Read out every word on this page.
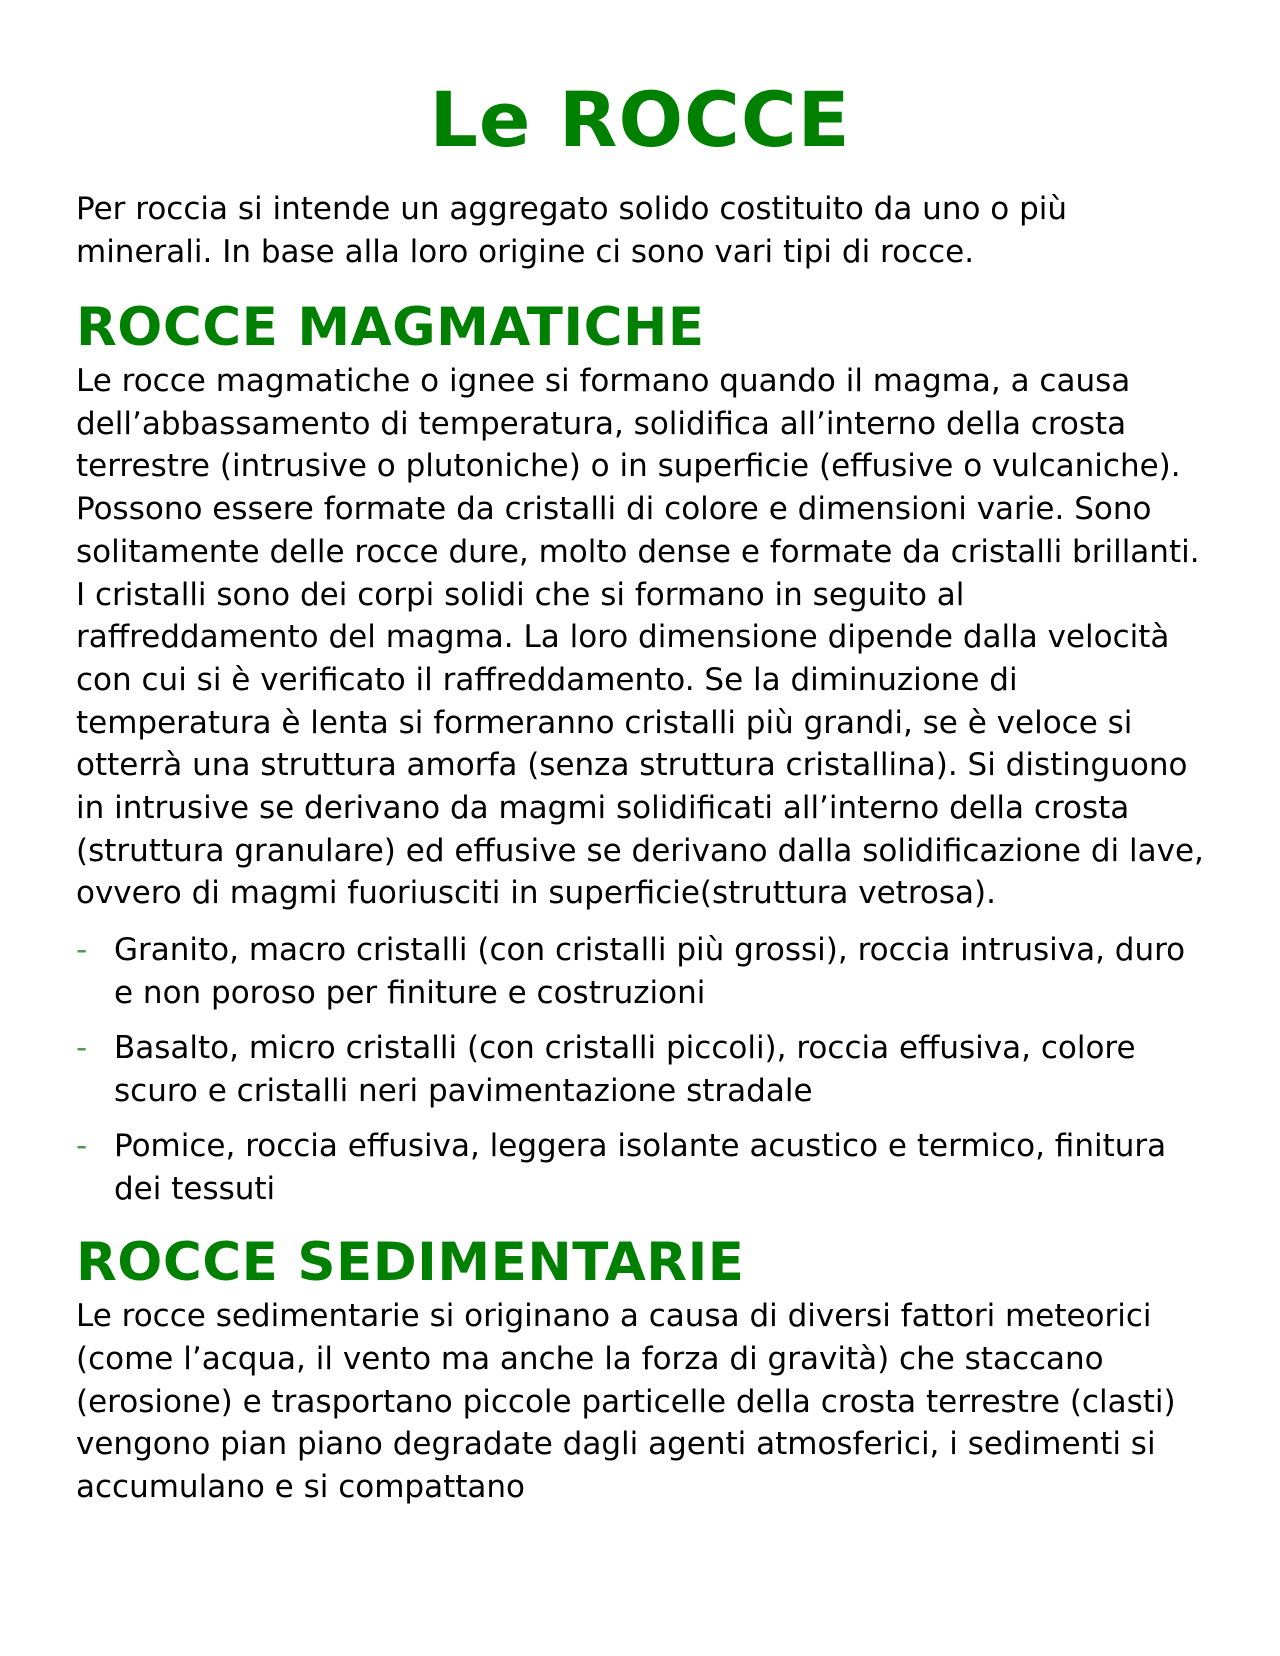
Le ROCCE

Per roccia si intende un aggregato solido costituito da uno o più minerali. In base alla loro origine ci sono vari tipi di rocce.

ROCCE MAGMATICHE

Le rocce magmatiche o ignee si formano quando il magma, a causa dell’abbassamento di temperatura, solidifica all’interno della crosta terrestre (intrusive o plutoniche) o in superficie (effusive o vulcaniche). Possono essere formate da cristalli di colore e dimensioni varie. Sono solitamente delle rocce dure, molto dense e formate da cristalli brillanti. I cristalli sono dei corpi solidi che si formano in seguito al raffreddamento del magma. La loro dimensione dipende dalla velocità con cui si è verificato il raffreddamento. Se la diminuzione di temperatura è lenta si formeranno cristalli più grandi, se è veloce si otterrà una struttura amorfa (senza struttura cristallina). Si distinguono in intrusive se derivano da magmi solidificati all’interno della crosta (struttura granulare) ed effusive se derivano dalla solidificazione di lave, ovvero di magmi fuoriusciti in superficie(struttura vetrosa).

- Granito, macro cristalli (con cristalli più grossi), roccia intrusiva, duro e non poroso per finiture e costruzioni
- Basalto, micro cristalli (con cristalli piccoli), roccia effusiva, colore scuro e cristalli neri pavimentazione stradale
- Pomice, roccia effusiva, leggera isolante acustico e termico, finitura dei tessuti
ROCCE SEDIMENTARIE

Le rocce sedimentarie si originano a causa di diversi fattori meteorici (come l’acqua, il vento ma anche la forza di gravità) che staccano (erosione) e trasportano piccole particelle della crosta terrestre (clasti) vengono pian piano degradate dagli agenti atmosferici, i sedimenti si accumulano e si compattano
